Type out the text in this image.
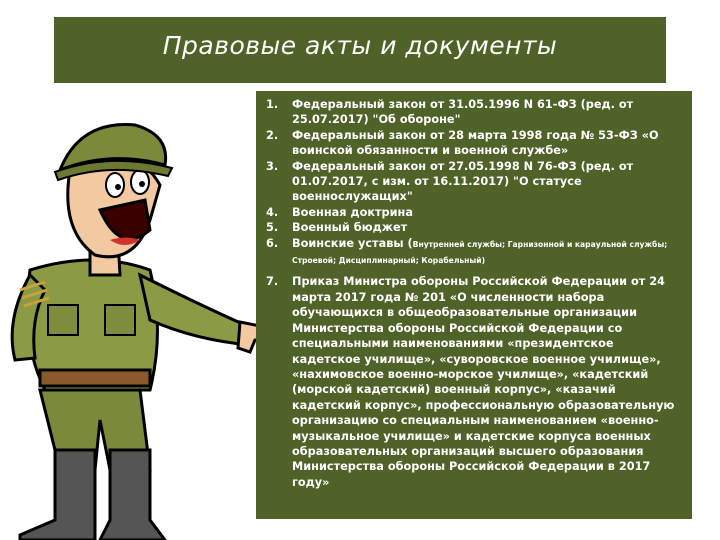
Правовые акты и документы
1.	Федеральный закон от 31.05.1996 N 61-ФЗ (ред. от 25.07.2017) "Об обороне"
2.	Федеральный закон от 28 марта 1998 года № 53-ФЗ «О воинской обязанности и военной службе»
3.	Федеральный закон от 27.05.1998 N 76-ФЗ (ред. от 01.07.2017, с изм. от 16.11.2017) "О статусе военнослужащих"
4.	Военная доктрина
5.	Военный бюджет
6.	Воинские уставы (Внутренней службы; Гарнизонной и караульной службы; Строевой; Дисциплинарный; Корабельный)
7.	Приказ Министра обороны Российской Федерации от 24 марта 2017 года № 201 «О численности набора обучающихся в общеобразовательные организации Министерства обороны Российской Федерации со специальными наименованиями «президентское кадетское училище», «суворовское военное училище», «нахимовское военно-морское училище», «кадетский (морской кадетский) военный корпус», «казачий кадетский корпус», профессиональную образовательную организацию со специальным наименованием «военно-музыкальное училище» и кадетские корпуса военных образовательных организаций высшего образования Министерства обороны Российской Федерации в 2017 году»
